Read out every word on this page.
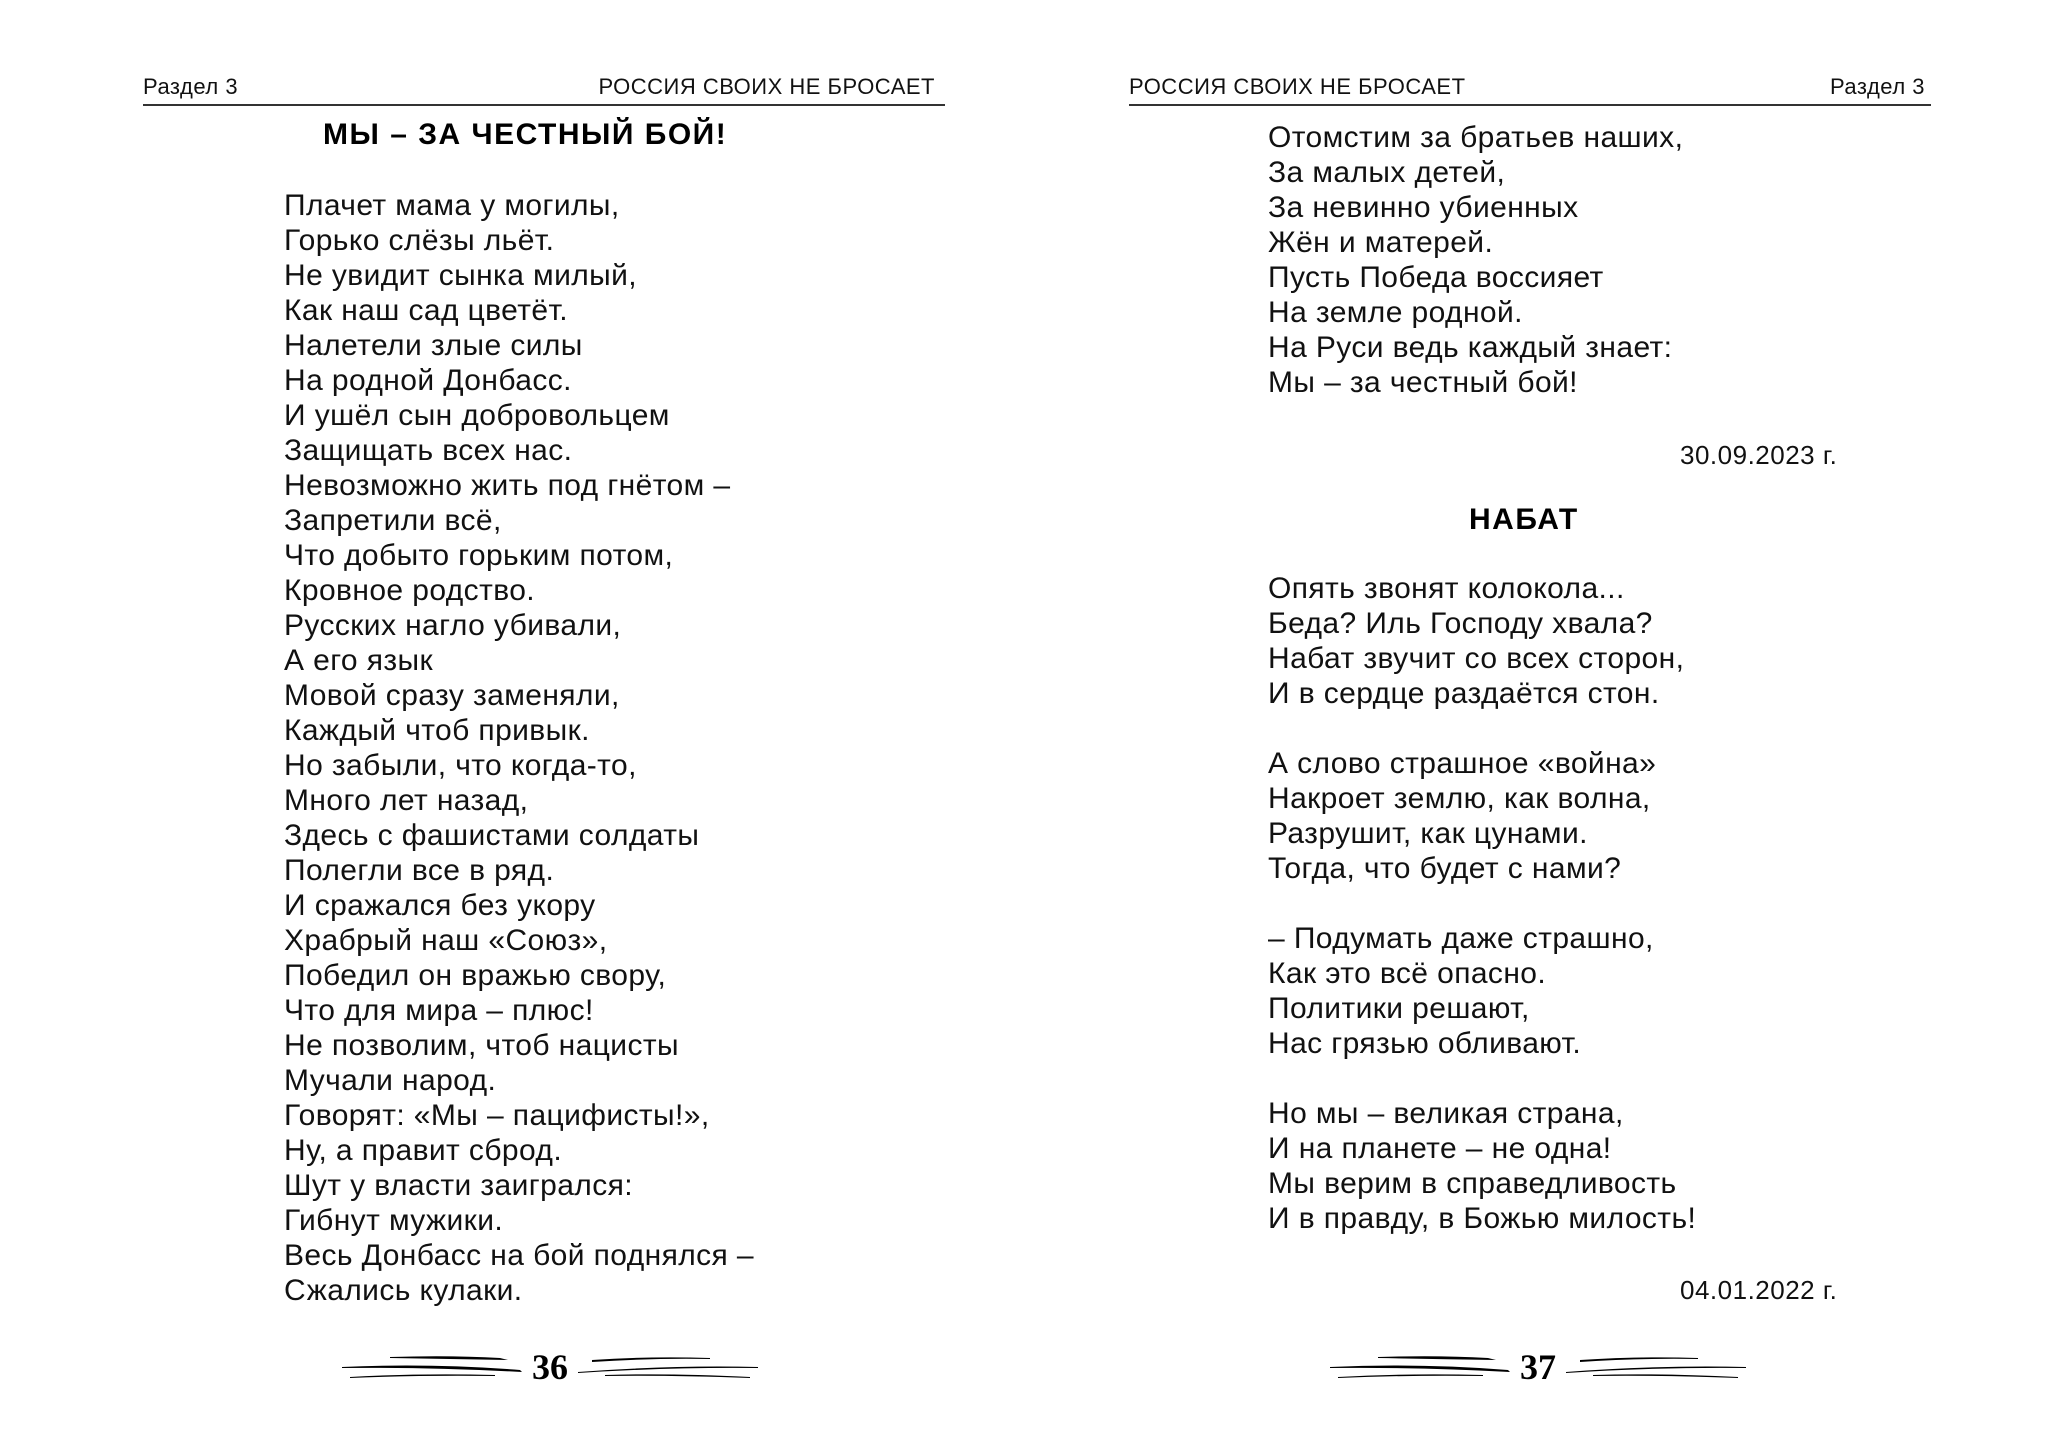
Раздел 3	РОССИЯ СВОИХ НЕ БРОСАЕТ
МЫ – ЗА ЧЕСТНЫЙ БОЙ!
Плачет мама у могилы,
Горько слёзы льёт.
Не увидит сынка милый,
Как наш сад цветёт.
Налетели злые силы
На родной Донбасс.
И ушёл сын добровольцем
Защищать всех нас.
Невозможно жить под гнётом –
Запретили всё,
Что добыто горьким потом,
Кровное родство.
Русских нагло убивали,
А его язык
Мовой сразу заменяли,
Каждый чтоб привык.
Но забыли, что когда-то,
Много лет назад,
Здесь с фашистами солдаты
Полегли все в ряд.
И сражался без укору
Храбрый наш «Союз»,
Победил он вражью свору,
Что для мира – плюс!
Не позволим, чтоб нацисты
Мучали народ.
Говорят: «Мы – пацифисты!»,
Ну, а правит сброд.
Шут у власти заигрался:
Гибнут мужики.
Весь Донбасс на бой поднялся –
Сжались кулаки.
36
РОССИЯ СВОИХ НЕ БРОСАЕТ	Раздел 3
Отомстим за братьев наших,
За малых детей,
За невинно убиенных
Жён и матерей.
Пусть Победа воссияет
На земле родной.
На Руси ведь каждый знает:
Мы – за честный бой!
30.09.2023 г.
НАБАТ
Опять звонят колокола...
Беда? Иль Господу хвала?
Набат звучит со всех сторон,
И в сердце раздаётся стон.
А слово страшное «война»
Накроет землю, как волна,
Разрушит, как цунами.
Тогда, что будет с нами?
– Подумать даже страшно,
Как это всё опасно.
Политики решают,
Нас грязью обливают.
Но мы – великая страна,
И на планете – не одна!
Мы верим в справедливость
И в правду, в Божью милость!
04.01.2022 г.
37
